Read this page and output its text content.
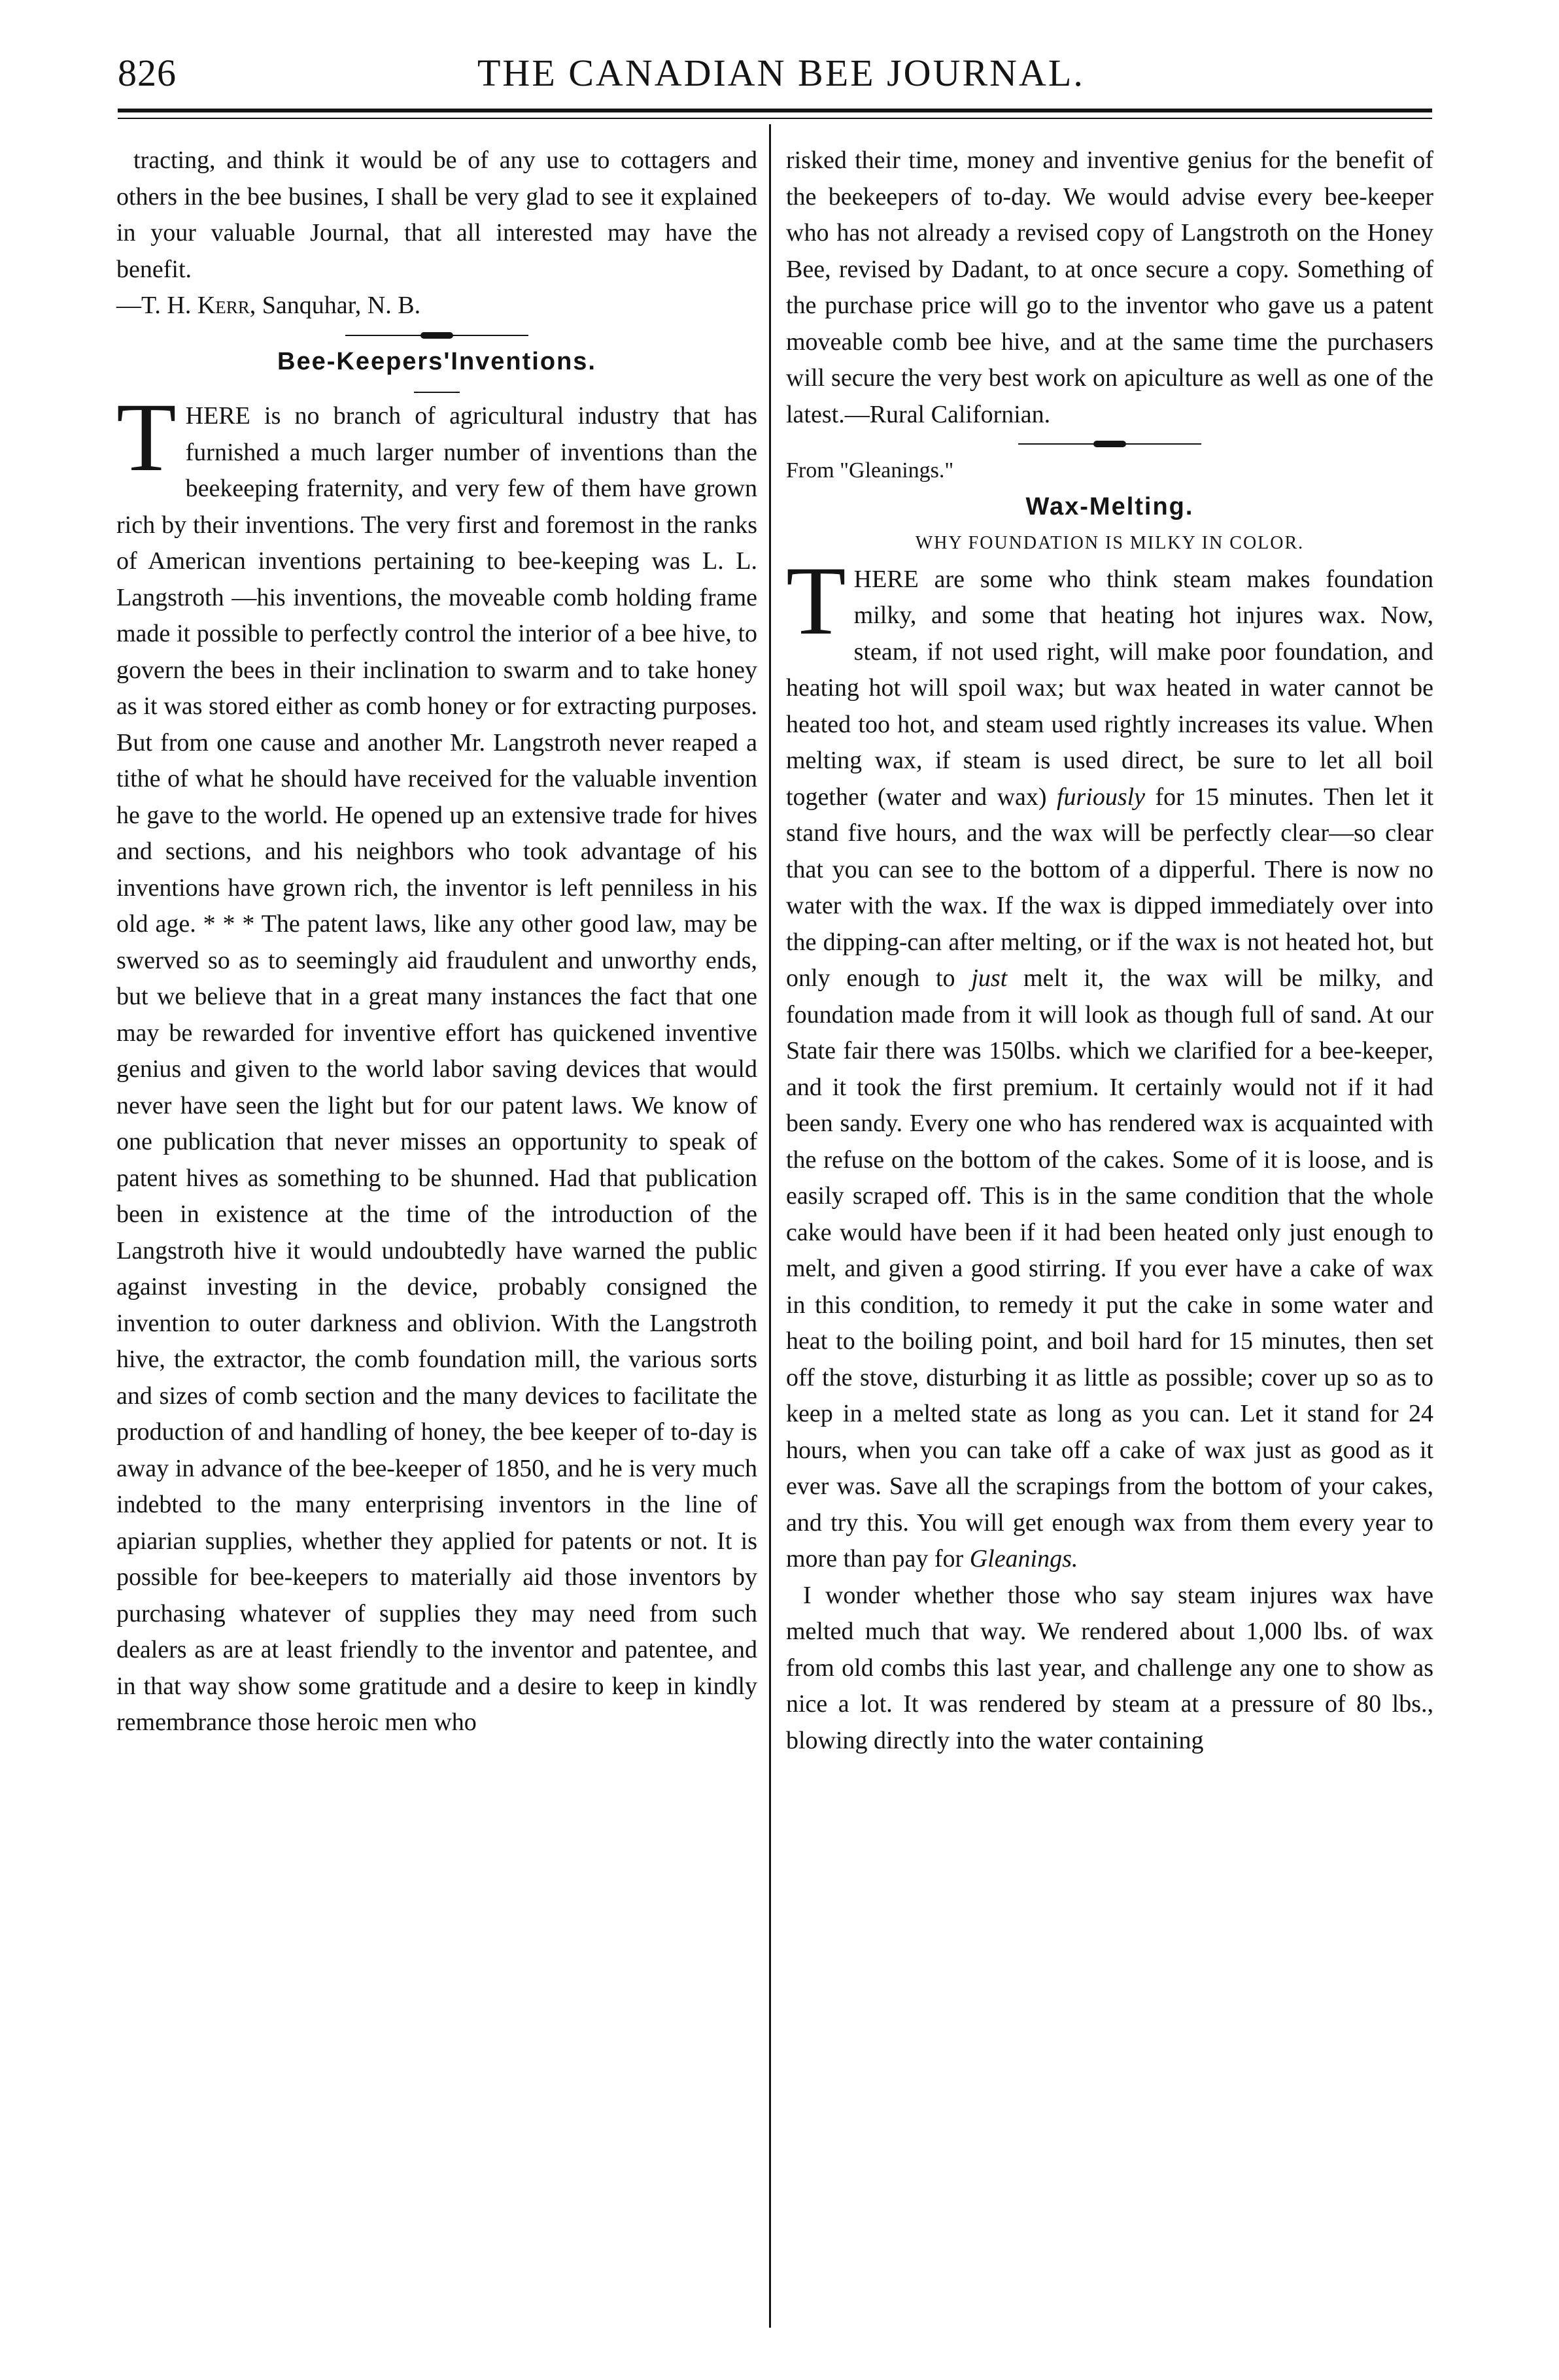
826	THE CANADIAN BEE JOURNAL.

tracting, and think it would be of any use to cottagers and others in the bee busines, I shall be very glad to see it explained in your valuable Journal, that all interested may have the benefit.
—T. H. Kerr, Sanquhar, N. B.

Bee-Keepers'Inventions.

THERE is no branch of agricultural industry that has furnished a much larger number of inventions than the beekeeping fraternity, and very few of them have grown rich by their inventions. The very first and foremost in the ranks of American inventions pertaining to bee-keeping was L. L. Langstroth —his inventions, the moveable comb holding frame made it possible to perfectly control the interior of a bee hive, to govern the bees in their inclination to swarm and to take honey as it was stored either as comb honey or for extracting purposes. But from one cause and another Mr. Langstroth never reaped a tithe of what he should have received for the valuable invention he gave to the world. He opened up an extensive trade for hives and sections, and his neighbors who took advantage of his inventions have grown rich, the inventor is left penniless in his old age. * * * The patent laws, like any other good law, may be swerved so as to seemingly aid fraudulent and unworthy ends, but we believe that in a great many instances the fact that one may be rewarded for inventive effort has quickened inventive genius and given to the world labor saving devices that would never have seen the light but for our patent laws. We know of one publication that never misses an opportunity to speak of patent hives as something to be shunned. Had that publication been in existence at the time of the introduction of the Langstroth hive it would undoubtedly have warned the public against investing in the device, probably consigned the invention to outer darkness and oblivion. With the Langstroth hive, the extractor, the comb foundation mill, the various sorts and sizes of comb section and the many devices to facilitate the production of and handling of honey, the bee keeper of to-day is away in advance of the bee-keeper of 1850, and he is very much indebted to the many enterprising inventors in the line of apiarian supplies, whether they applied for patents or not. It is possible for bee-keepers to materially aid those inventors by purchasing whatever of supplies they may need from such dealers as are at least friendly to the inventor and patentee, and in that way show some gratitude and a desire to keep in kindly remembrance those heroic men who

risked their time, money and inventive genius for the benefit of the beekeepers of to-day. We would advise every bee-keeper who has not already a revised copy of Langstroth on the Honey Bee, revised by Dadant, to at once secure a copy. Something of the purchase price will go to the inventor who gave us a patent moveable comb bee hive, and at the same time the purchasers will secure the very best work on apiculture as well as one of the latest.—Rural Californian.

From "Gleanings."

Wax-Melting.

WHY FOUNDATION IS MILKY IN COLOR.

THERE are some who think steam makes foundation milky, and some that heating hot injures wax. Now, steam, if not used right, will make poor foundation, and heating hot will spoil wax; but wax heated in water cannot be heated too hot, and steam used rightly increases its value. When melting wax, if steam is used direct, be sure to let all boil together (water and wax) furiously for 15 minutes. Then let it stand five hours, and the wax will be perfectly clear—so clear that you can see to the bottom of a dipperful. There is now no water with the wax. If the wax is dipped immediately over into the dipping-can after melting, or if the wax is not heated hot, but only enough to just melt it, the wax will be milky, and foundation made from it will look as though full of sand. At our State fair there was 150lbs. which we clarified for a bee-keeper, and it took the first premium. It certainly would not if it had been sandy. Every one who has rendered wax is acquainted with the refuse on the bottom of the cakes. Some of it is loose, and is easily scraped off. This is in the same condition that the whole cake would have been if it had been heated only just enough to melt, and given a good stirring. If you ever have a cake of wax in this condition, to remedy it put the cake in some water and heat to the boiling point, and boil hard for 15 minutes, then set off the stove, disturbing it as little as possible; cover up so as to keep in a melted state as long as you can. Let it stand for 24 hours, when you can take off a cake of wax just as good as it ever was. Save all the scrapings from the bottom of your cakes, and try this. You will get enough wax from them every year to more than pay for Gleanings.

I wonder whether those who say steam injures wax have melted much that way. We rendered about 1,000 lbs. of wax from old combs this last year, and challenge any one to show as nice a lot. It was rendered by steam at a pressure of 80 lbs., blowing directly into the water containing
